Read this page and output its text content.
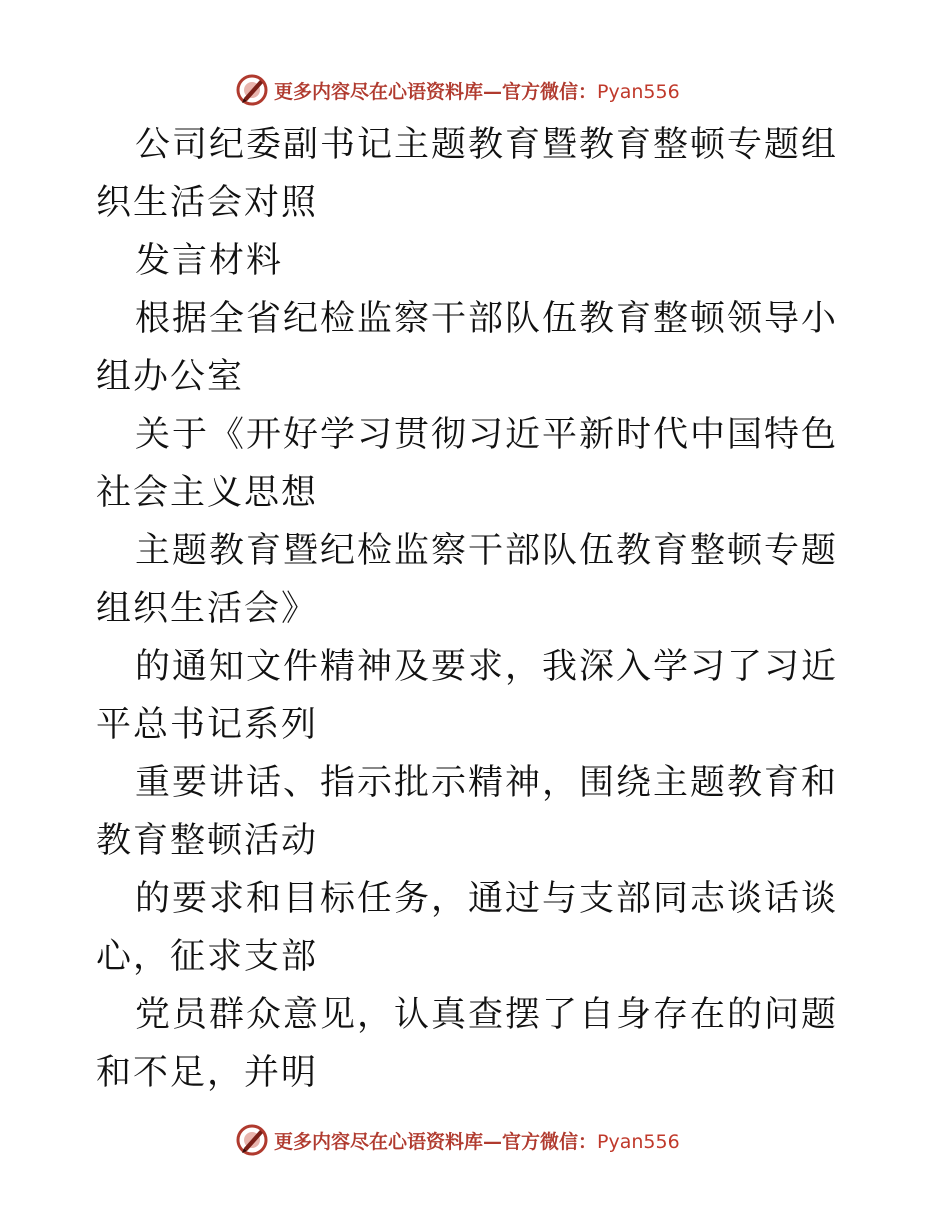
更多内容尽在心语资料库—官方微信：Pyan556

公司纪委副书记主题教育暨教育整顿专题组织生活会对照

发言材料

根据全省纪检监察干部队伍教育整顿领导小组办公室

关于《开好学习贯彻习近平新时代中国特色社会主义思想

主题教育暨纪检监察干部队伍教育整顿专题组织生活会》

的通知文件精神及要求，我深入学习了习近平总书记系列

重要讲话、指示批示精神，围绕主题教育和教育整顿活动

的要求和目标任务，通过与支部同志谈话谈心，征求支部

党员群众意见，认真查摆了自身存在的问题和不足，并明

更多内容尽在心语资料库—官方微信：Pyan556
